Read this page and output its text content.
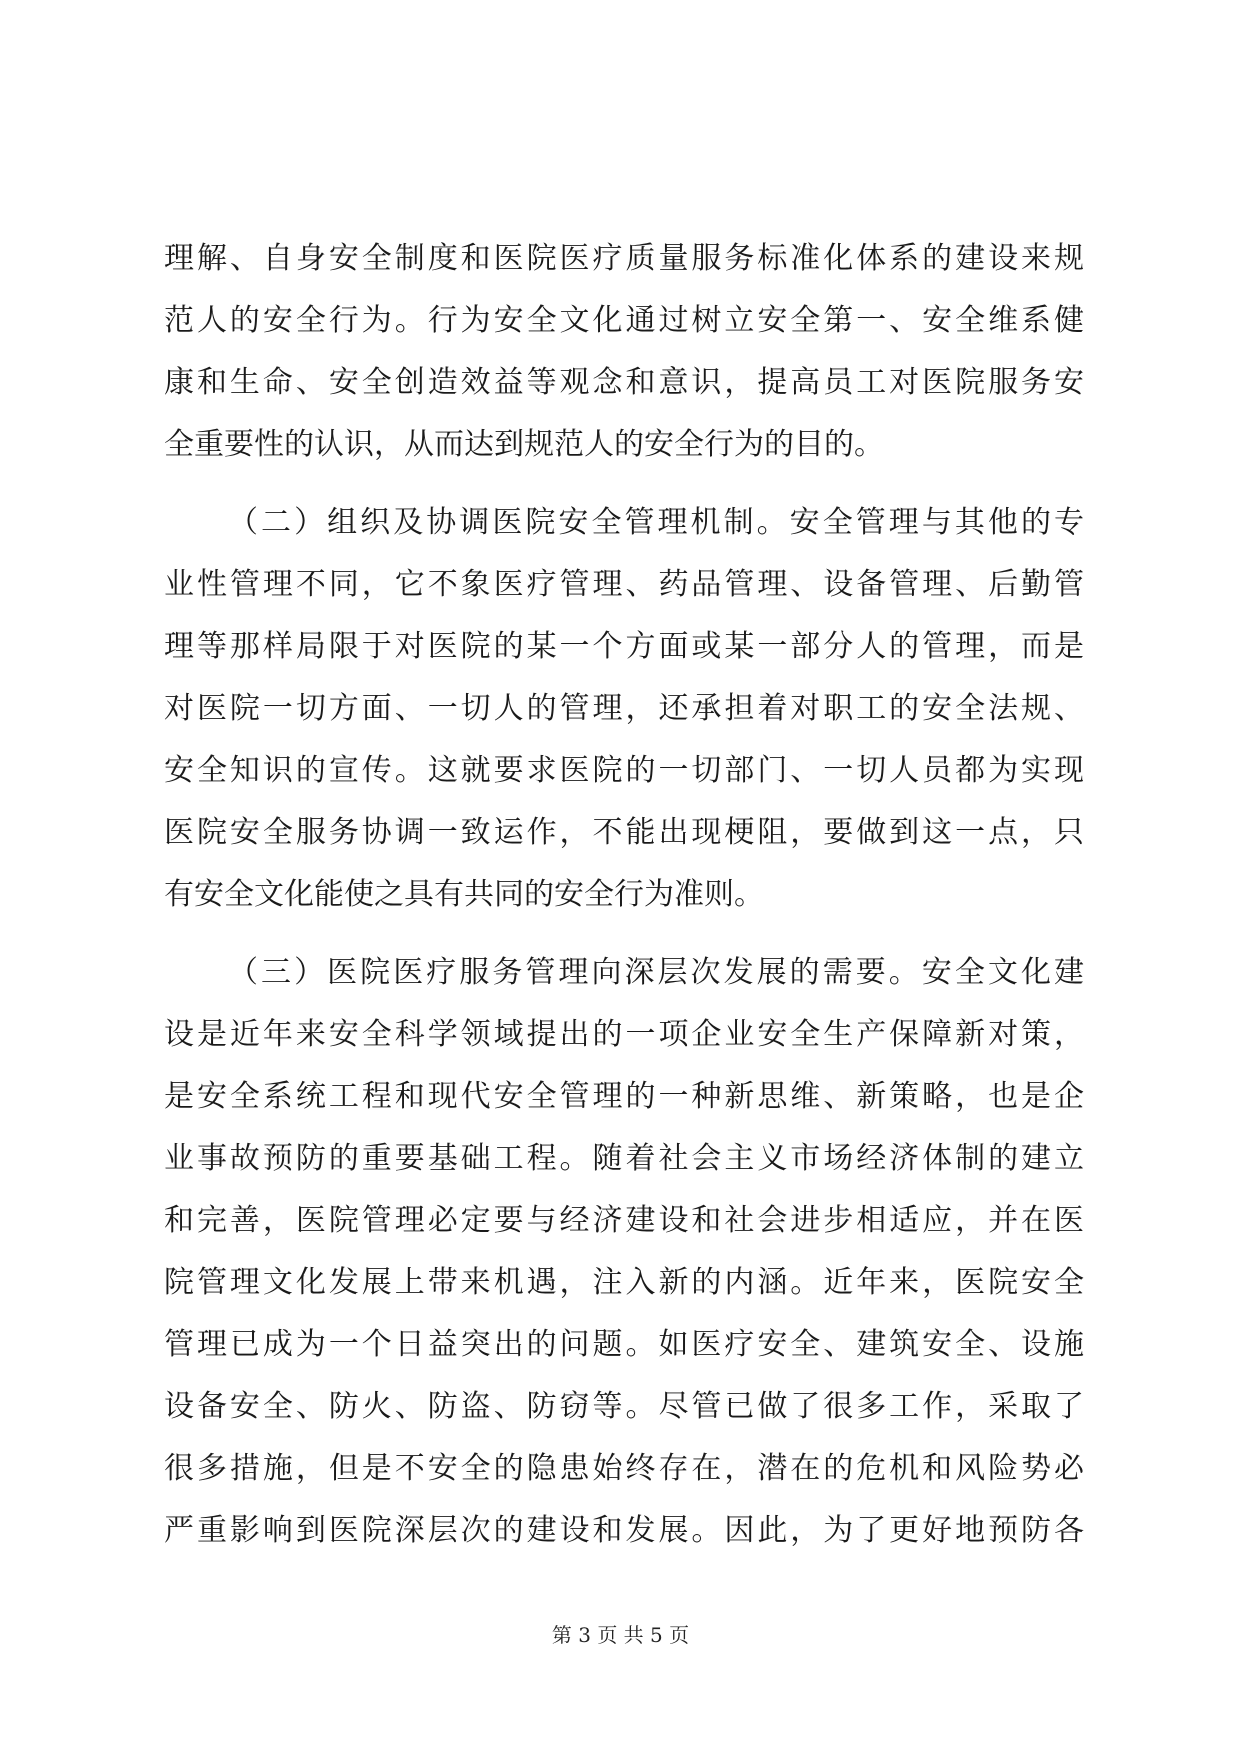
理解、自身安全制度和医院医疗质量服务标准化体系的建设来规
范人的安全行为。行为安全文化通过树立安全第一、安全维系健
康和生命、安全创造效益等观念和意识，提高员工对医院服务安
全重要性的认识，从而达到规范人的安全行为的目的。
（二）组织及协调医院安全管理机制。安全管理与其他的专
业性管理不同，它不象医疗管理、药品管理、设备管理、后勤管
理等那样局限于对医院的某一个方面或某一部分人的管理，而是
对医院一切方面、一切人的管理，还承担着对职工的安全法规、
安全知识的宣传。这就要求医院的一切部门、一切人员都为实现
医院安全服务协调一致运作，不能出现梗阻，要做到这一点，只
有安全文化能使之具有共同的安全行为准则。
（三）医院医疗服务管理向深层次发展的需要。安全文化建
设是近年来安全科学领域提出的一项企业安全生产保障新对策，
是安全系统工程和现代安全管理的一种新思维、新策略，也是企
业事故预防的重要基础工程。随着社会主义市场经济体制的建立
和完善，医院管理必定要与经济建设和社会进步相适应，并在医
院管理文化发展上带来机遇，注入新的内涵。近年来，医院安全
管理已成为一个日益突出的问题。如医疗安全、建筑安全、设施
设备安全、防火、防盗、防窃等。尽管已做了很多工作，采取了
很多措施，但是不安全的隐患始终存在，潜在的危机和风险势必
严重影响到医院深层次的建设和发展。因此，为了更好地预防各
第 3 页 共 5 页
